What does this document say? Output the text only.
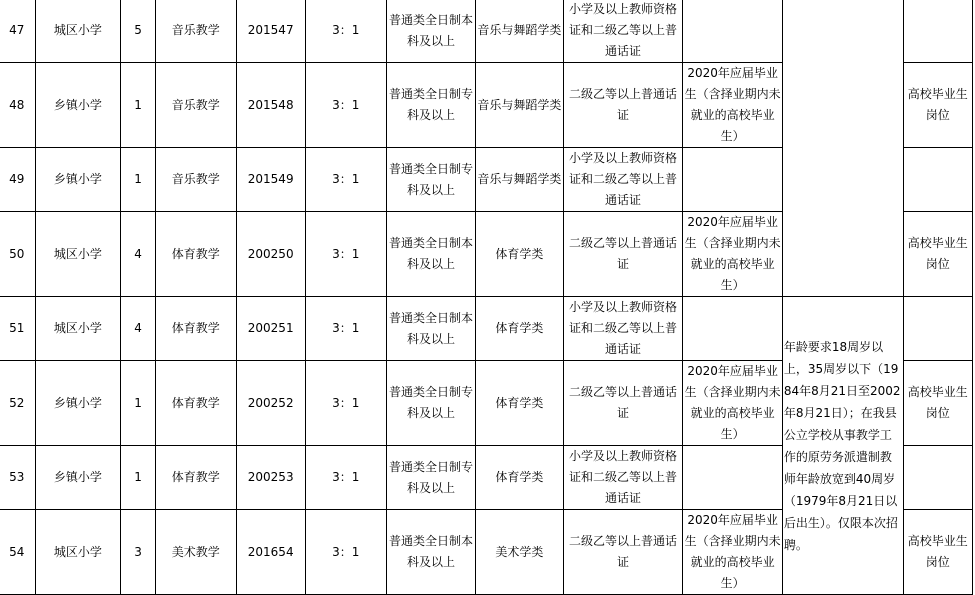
47	城区小学	5	音乐教学	201547	3：1	普通类全日制本科及以上	音乐与舞蹈学类	小学及以上教师资格证和二级乙等以上普通话证			
48	乡镇小学	1	音乐教学	201548	3：1	普通类全日制专科及以上	音乐与舞蹈学类	二级乙等以上普通话证	2020年应届毕业生（含择业期内未就业的高校毕业生）		高校毕业生岗位
49	乡镇小学	1	音乐教学	201549	3：1	普通类全日制专科及以上	音乐与舞蹈学类	小学及以上教师资格证和二级乙等以上普通话证			
50	城区小学	4	体育教学	200250	3：1	普通类全日制本科及以上	体育学类	二级乙等以上普通话证	2020年应届毕业生（含择业期内未就业的高校毕业生）		高校毕业生岗位
51	城区小学	4	体育教学	200251	3：1	普通类全日制本科及以上	体育学类	小学及以上教师资格证和二级乙等以上普通话证		年龄要求18周岁以上，35周岁以下（1984年8月21日至2002年8月21日）；在我县公立学校从事教学工作的原劳务派遣制教师年龄放宽到40周岁（1979年8月21日以后出生）。仅限本次招聘。	
52	乡镇小学	1	体育教学	200252	3：1	普通类全日制专科及以上	体育学类	二级乙等以上普通话证	2020年应届毕业生（含择业期内未就业的高校毕业生）		高校毕业生岗位
53	乡镇小学	1	体育教学	200253	3：1	普通类全日制专科及以上	体育学类	小学及以上教师资格证和二级乙等以上普通话证			
54	城区小学	3	美术教学	201654	3：1	普通类全日制本科及以上	美术学类	二级乙等以上普通话证	2020年应届毕业生（含择业期内未就业的高校毕业生）		高校毕业生岗位
